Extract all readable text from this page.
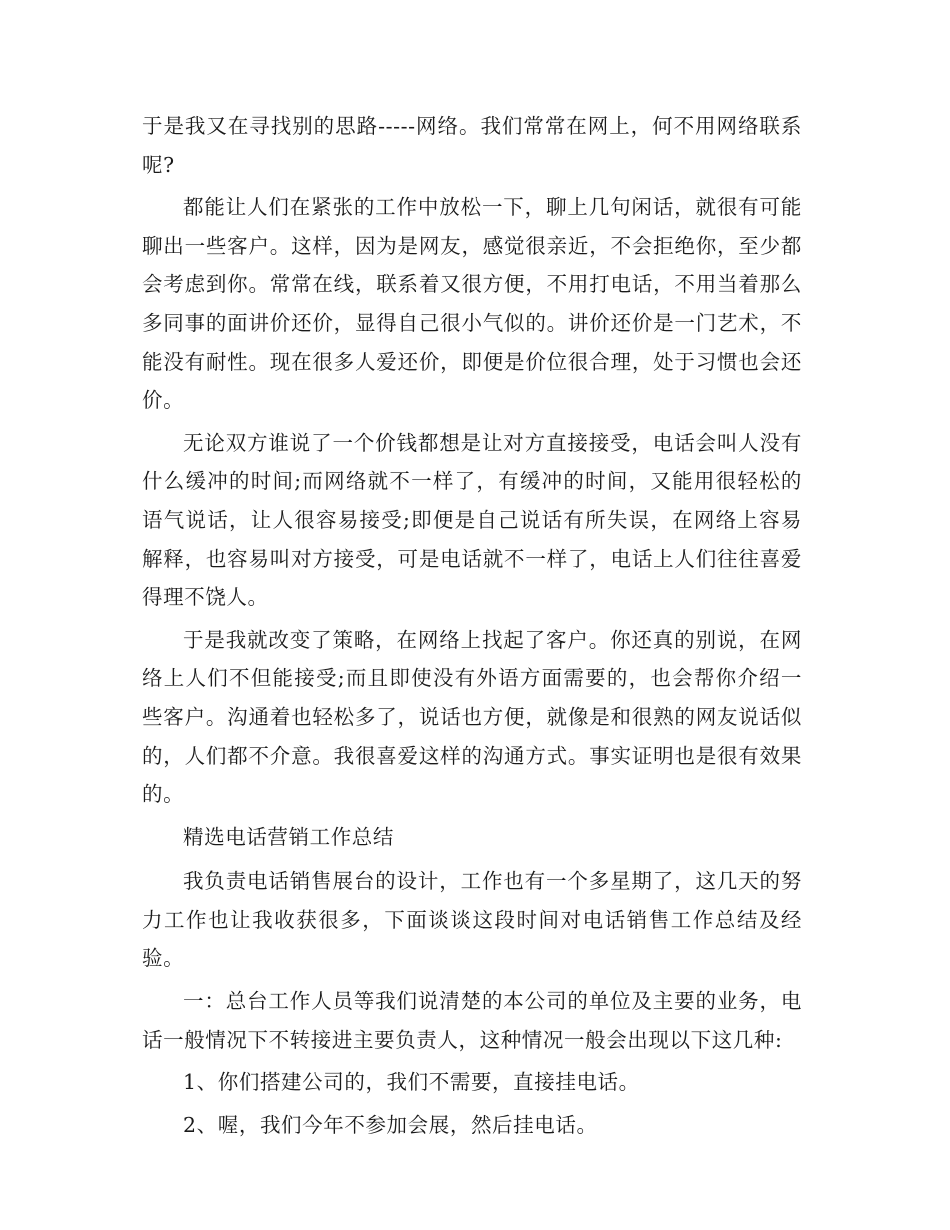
于是我又在寻找别的思路-----网络。我们常常在网上，何不用网络联系呢?

都能让人们在紧张的工作中放松一下，聊上几句闲话，就很有可能聊出一些客户。这样，因为是网友，感觉很亲近，不会拒绝你，至少都会考虑到你。常常在线，联系着又很方便，不用打电话，不用当着那么多同事的面讲价还价，显得自己很小气似的。讲价还价是一门艺术，不能没有耐性。现在很多人爱还价，即便是价位很合理，处于习惯也会还价。

无论双方谁说了一个价钱都想是让对方直接接受，电话会叫人没有什么缓冲的时间;而网络就不一样了，有缓冲的时间，又能用很轻松的语气说话，让人很容易接受;即便是自己说话有所失误，在网络上容易解释，也容易叫对方接受，可是电话就不一样了，电话上人们往往喜爱得理不饶人。

于是我就改变了策略，在网络上找起了客户。你还真的别说，在网络上人们不但能接受;而且即使没有外语方面需要的，也会帮你介绍一些客户。沟通着也轻松多了，说话也方便，就像是和很熟的网友说话似的，人们都不介意。我很喜爱这样的沟通方式。事实证明也是很有效果的。

精选电话营销工作总结

我负责电话销售展台的设计，工作也有一个多星期了，这几天的努力工作也让我收获很多，下面谈谈这段时间对电话销售工作总结及经验。

一：总台工作人员等我们说清楚的本公司的单位及主要的业务，电话一般情况下不转接进主要负责人，这种情况一般会出现以下这几种:

1、你们搭建公司的，我们不需要，直接挂电话。

2、喔，我们今年不参加会展，然后挂电话。
